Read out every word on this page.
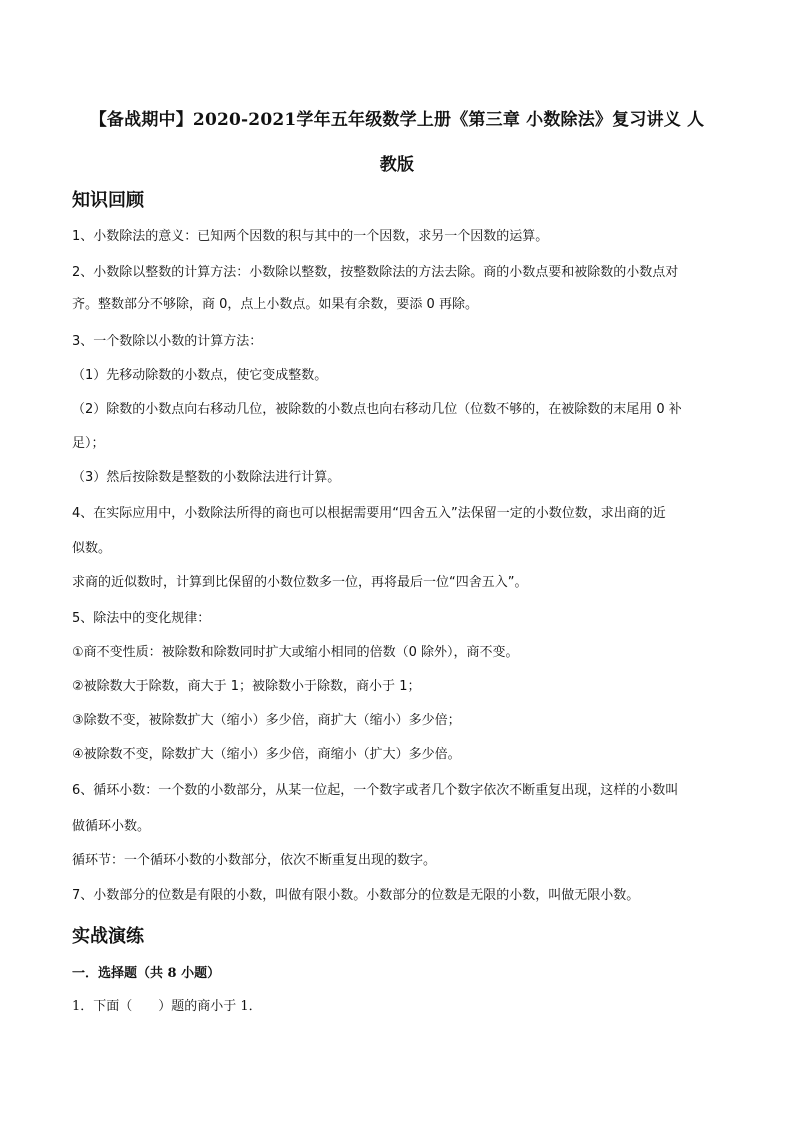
【备战期中】2020-2021学年五年级数学上册《第三章 小数除法》复习讲义 人
教版
知识回顾
1、小数除法的意义：已知两个因数的积与其中的一个因数，求另一个因数的运算。
2、小数除以整数的计算方法：小数除以整数，按整数除法的方法去除。商的小数点要和被除数的小数点对
齐。整数部分不够除，商 0，点上小数点。如果有余数，要添 0 再除。
3、一个数除以小数的计算方法：
（1）先移动除数的小数点，使它变成整数。
（2）除数的小数点向右移动几位，被除数的小数点也向右移动几位（位数不够的，在被除数的末尾用 0 补
足）；
（3）然后按除数是整数的小数除法进行计算。
4、在实际应用中，小数除法所得的商也可以根据需要用“四舍五入”法保留一定的小数位数，求出商的近
似数。
求商的近似数时，计算到比保留的小数位数多一位，再将最后一位“四舍五入”。
5、除法中的变化规律：
①商不变性质：被除数和除数同时扩大或缩小相同的倍数（0 除外），商不变。
②被除数大于除数，商大于 1；被除数小于除数，商小于 1；
③除数不变，被除数扩大（缩小）多少倍，商扩大（缩小）多少倍；
④被除数不变，除数扩大（缩小）多少倍，商缩小（扩大）多少倍。
6、循环小数：一个数的小数部分，从某一位起，一个数字或者几个数字依次不断重复出现，这样的小数叫
做循环小数。
循环节：一个循环小数的小数部分，依次不断重复出现的数字。
7、小数部分的位数是有限的小数，叫做有限小数。小数部分的位数是无限的小数，叫做无限小数。
实战演练
一．选择题（共 8 小题）
1．下面（　　）题的商小于 1．
